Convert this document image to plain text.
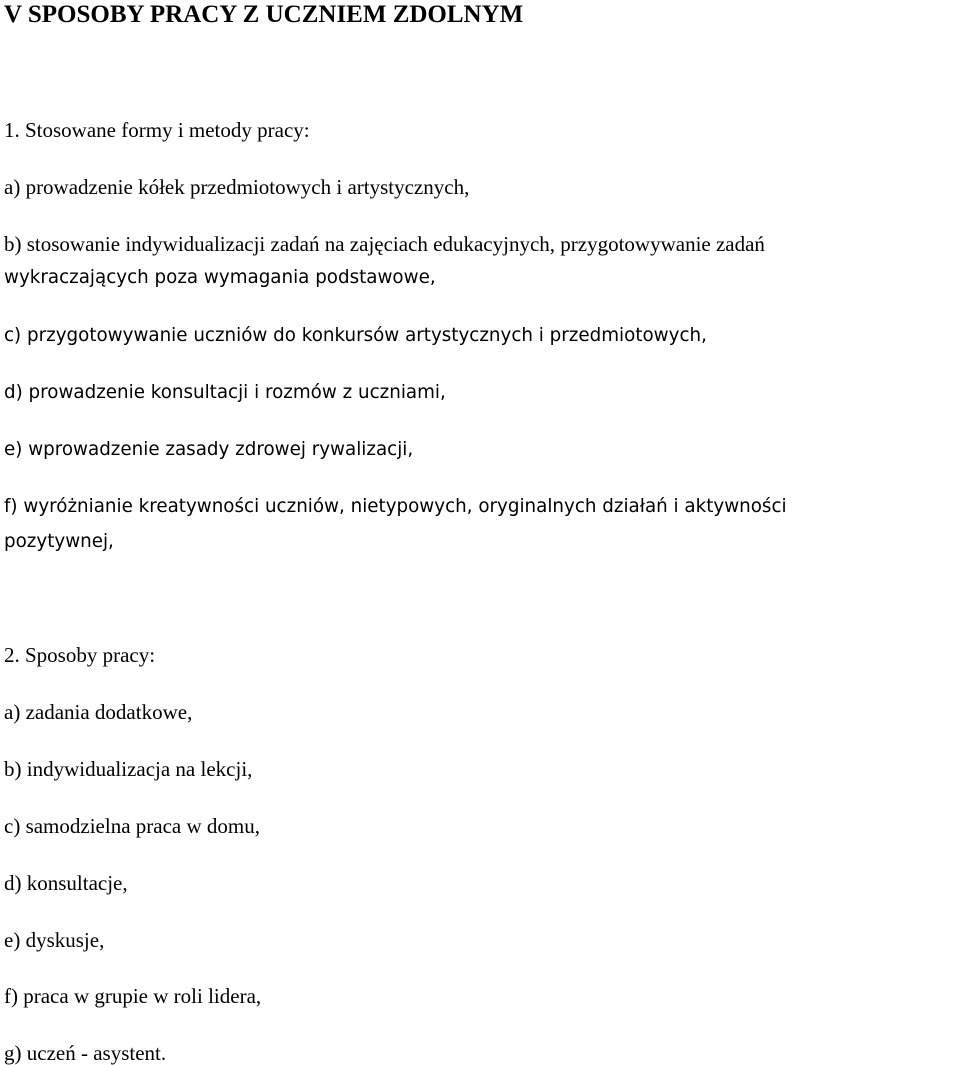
V SPOSOBY PRACY Z UCZNIEM ZDOLNYM

1. Stosowane formy i metody pracy:

a) prowadzenie kółek przedmiotowych i artystycznych,

b) stosowanie indywidualizacji zadań na zajęciach edukacyjnych, przygotowywanie zadań

wykraczających poza wymagania podstawowe,

c) przygotowywanie uczniów do konkursów artystycznych i przedmiotowych,

d) prowadzenie konsultacji i rozmów z uczniami,

e) wprowadzenie zasady zdrowej rywalizacji,

f) wyróżnianie kreatywności uczniów, nietypowych, oryginalnych działań i aktywności

pozytywnej,

2. Sposoby pracy:

a) zadania dodatkowe,

b) indywidualizacja na lekcji,

c) samodzielna praca w domu,

d) konsultacje,

e) dyskusje,

f) praca w grupie w roli lidera,

g) uczeń - asystent.
